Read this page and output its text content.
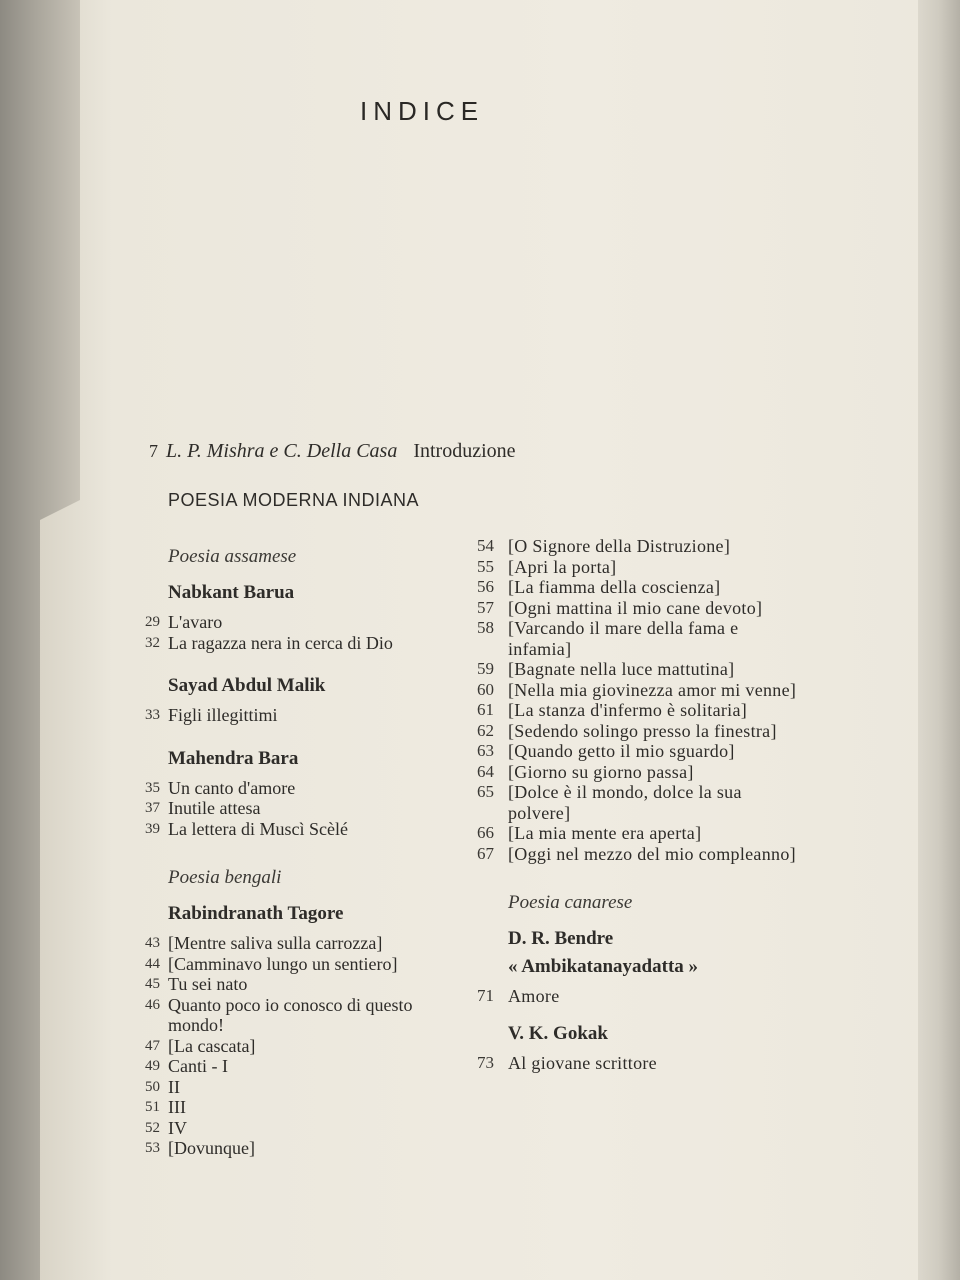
INDICE
7 L. P. Mishra e C. Della Casa Introduzione
POESIA MODERNA INDIANA
Poesia assamese
Nabkant Barua
29 L'avaro
32 La ragazza nera in cerca di Dio
Sayad Abdul Malik
33 Figli illegittimi
Mahendra Bara
35 Un canto d'amore
37 Inutile attesa
39 La lettera di Muscì Scèlé
Poesia bengali
Rabindranath Tagore
43 [Mentre saliva sulla carrozza]
44 [Camminavo lungo un sentiero]
45 Tu sei nato
46 Quanto poco io conosco di questo mondo!
47 [La cascata]
49 Canti - I
50 II
51 III
52 IV
53 [Dovunque]
54 [O Signore della Distruzione]
55 [Apri la porta]
56 [La fiamma della coscienza]
57 [Ogni mattina il mio cane devoto]
58 [Varcando il mare della fama e infamia]
59 [Bagnate nella luce mattutina]
60 [Nella mia giovinezza amor mi venne]
61 [La stanza d'infermo è solitaria]
62 [Sedendo solingo presso la finestra]
63 [Quando getto il mio sguardo]
64 [Giorno su giorno passa]
65 [Dolce è il mondo, dolce la sua polvere]
66 [La mia mente era aperta]
67 [Oggi nel mezzo del mio compleanno]
Poesia canarese
D. R. Bendre
« Ambikatanayadatta »
71 Amore
V. K. Gokak
73 Al giovane scrittore
